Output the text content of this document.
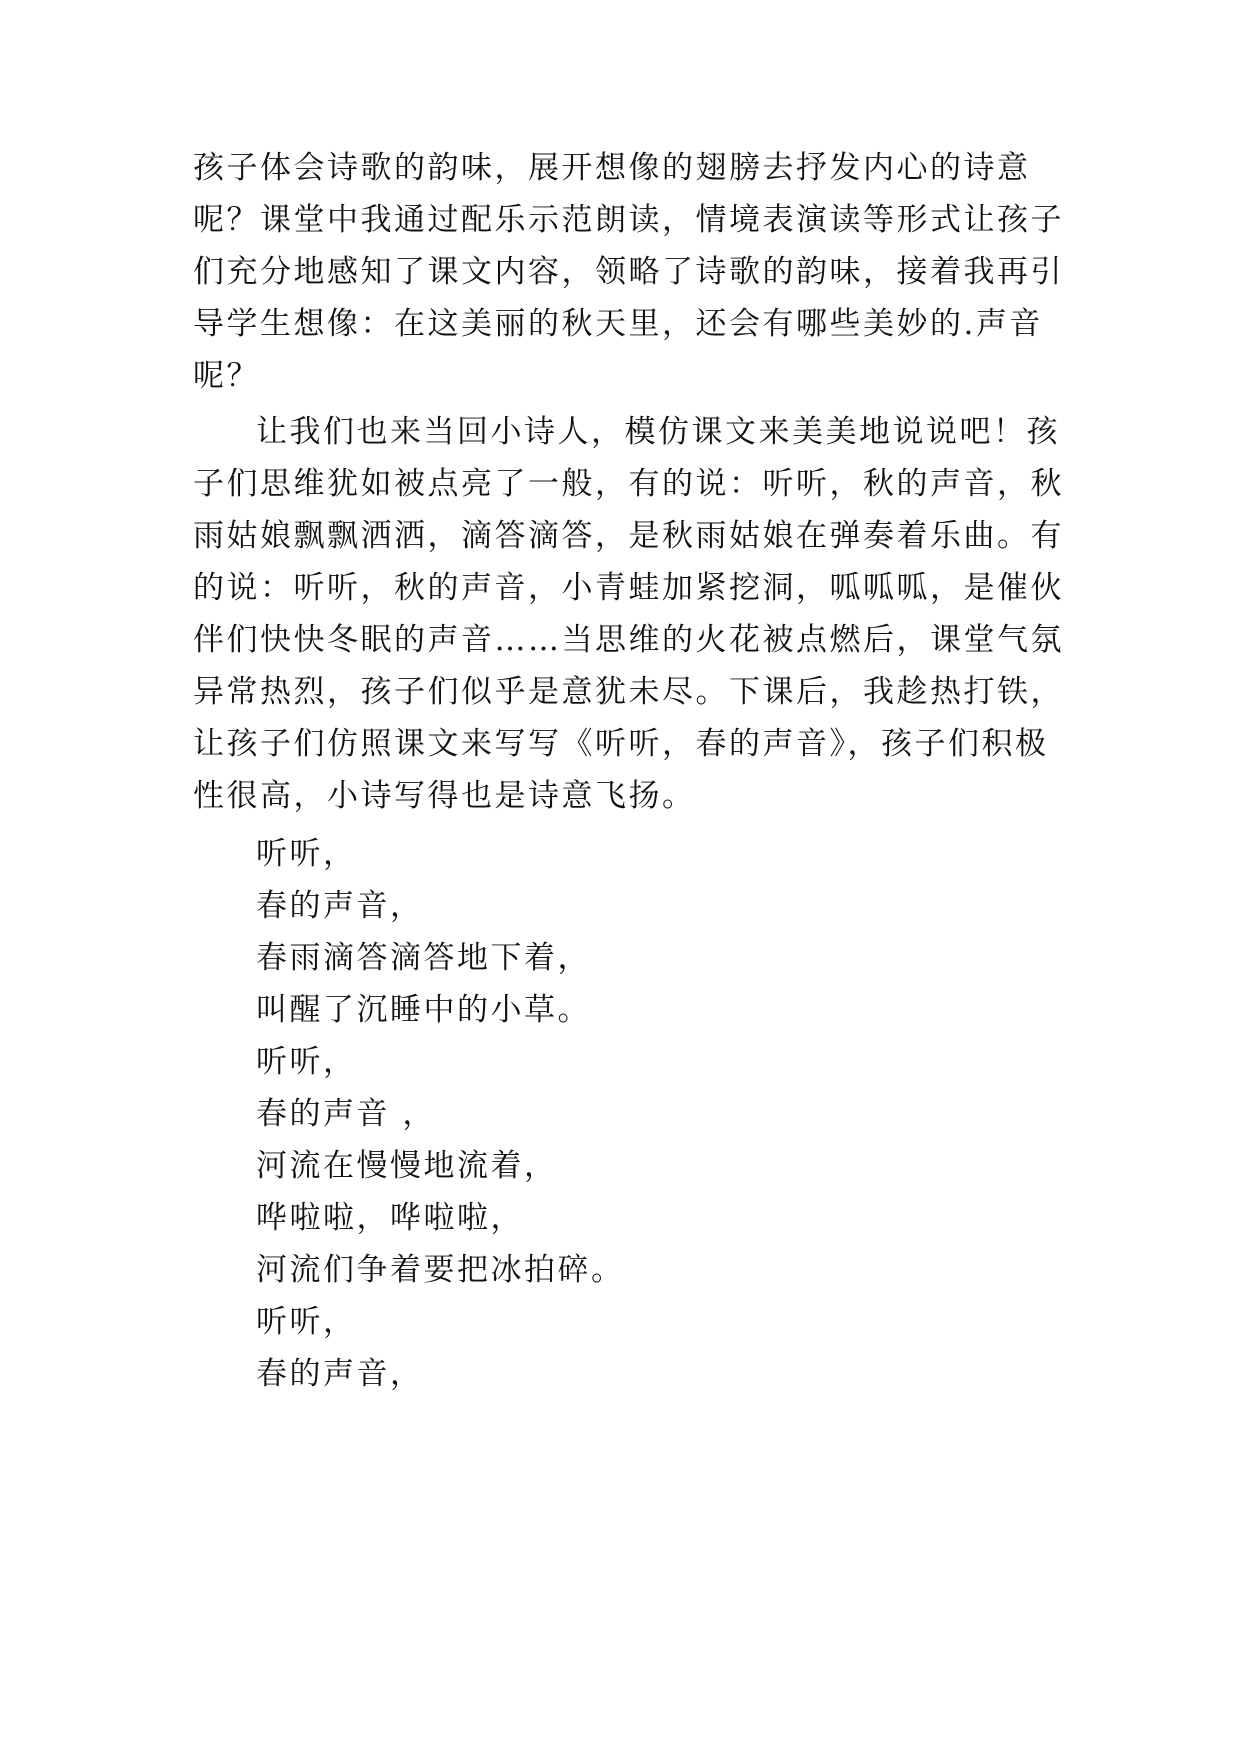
孩子体会诗歌的韵味，展开想像的翅膀去抒发内心的诗意
呢？课堂中我通过配乐示范朗读，情境表演读等形式让孩子
们充分地感知了课文内容，领略了诗歌的韵味，接着我再引
导学生想像：在这美丽的秋天里，还会有哪些美妙的.声音
呢？
让我们也来当回小诗人，模仿课文来美美地说说吧！孩
子们思维犹如被点亮了一般，有的说：听听，秋的声音，秋
雨姑娘飘飘洒洒，滴答滴答，是秋雨姑娘在弹奏着乐曲。有
的说：听听，秋的声音，小青蛙加紧挖洞，呱呱呱，是催伙
伴们快快冬眠的声音……当思维的火花被点燃后，课堂气氛
异常热烈，孩子们似乎是意犹未尽。下课后，我趁热打铁，
让孩子们仿照课文来写写《听听，春的声音》，孩子们积极
性很高，小诗写得也是诗意飞扬。
听听，
春的声音，
春雨滴答滴答地下着，
叫醒了沉睡中的小草。
听听，
春的声音 ，
河流在慢慢地流着，
哗啦啦，哗啦啦，
河流们争着要把冰拍碎。
听听，
春的声音，
